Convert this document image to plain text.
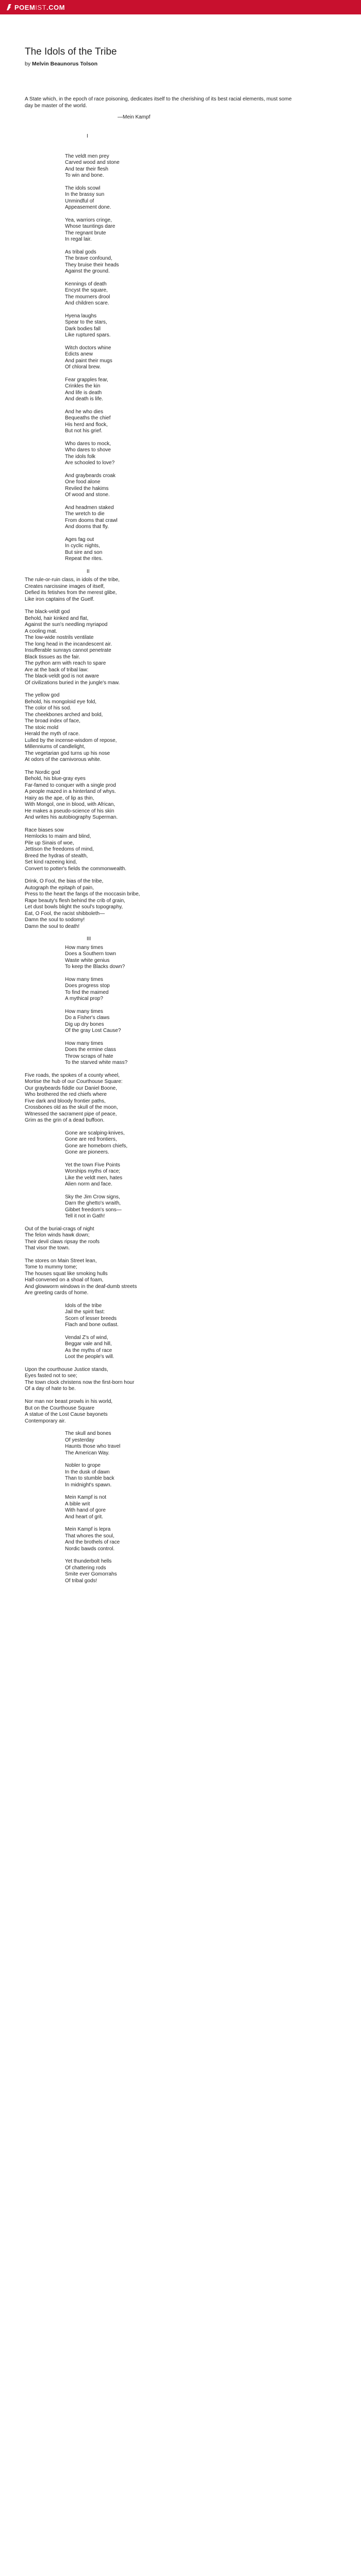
POEM IST .COM
The Idols of the Tribe
by Melvin Beaunorus Tolson
A State which, in the epoch of race poisoning, dedicates itself to the cherishing of its best racial elements, must some day be master of the world.
—Mein Kampf
I
The veldt men prey
Carved wood and stone
And tear their flesh
To win and bone.
The idols scowl
In the brassy sun
Unmindful of
Appeasement done.
Yea, warriors cringe,
Whose tauntings dare
The regnant brute
In regal lair.
As tribal gods
The brave confound,
They bruise their heads
Against the ground.
Kennings of death
Encyst the square,
The mourners drool
And children scare.
Hyena laughs
Spear to the stars,
Dark bodies fall
Like ruptured spars.
Witch doctors whine
Edicts anew
And paint their mugs
Of chloral brew.
Fear grapples fear,
Crinkles the kin
And life is death
And death is life.
And he who dies
Bequeaths the chief
His herd and flock,
But not his grief.
Who dares to mock,
Who dares to shove
The idols folk
Are schooled to love?
And graybeards croak
One food alone
Reviled the hakims
Of wood and stone.
And headmen staked
The wretch to die
From dooms that crawl
And dooms that fly.
Ages fag out
In cyclic nights,
But sire and son
Repeat the rites.
II
The rule-or-ruin class, in idols of the tribe,
Creates narcissine images of itself,
Defied its fetishes from the merest glibe,
Like iron captains of the Guelf.
The black-veldt god
Behold, hair kinked and flat,
Against the sun's needling myriapod
A cooling mat.
The low-wide nostrils ventilate
The long head in the incandescent air.
Insufferable sunrays cannot penetrate
Black tissues as the fair.
The python arm with reach to spare
Are at the back of tribal law:
The black-veldt god is not aware
Of civilizations buried in the jungle's maw.
The yellow god
Behold, his mongoloid eye fold,
The color of his sod.
The cheekbones arched and bold,
The broad index of face,
The stoic mold
Herald the myth of race.
Lulled by the incense-wisdom of repose,
Millenniums of candlelight,
The vegetarian god turns up his nose
At odors of the carnivorous white.
The Nordic god
Behold, his blue-gray eyes
Far-famed to conquer with a single prod
A people mazed in a hinterland of whys.
Hairy as the ape, of lip as thin,
With Mongol, one in blood, with African,
He makes a pseudo-science of his skin
And writes his autobiography Superman.
Race biases sow
Hemlocks to maim and blind,
Pile up Sinais of woe,
Jettison the freedoms of mind,
Breed the hydras of stealth,
Set kind razeeing kind,
Convert to potter's fields the commonwealth.
Drink, O Fool, the bias of the tribe,
Autograph the epitaph of pain,
Press to the heart the fangs of the moccasin bribe,
Rape beauty's flesh behind the crib of grain,
Let dust bowls blight the soul's topography,
Eat, O Fool, the racist shibboleth—
Damn the soul to sodomy!
Damn the soul to death!
III
How many times
Does a Southern town
Waste white genius
To keep the Blacks down?
How many times
Does progress stop
To find the maimed
A mythical prop?
How many times
Do a Fisher's claws
Dig up dry bones
Of the gray Lost Cause?
How many times
Does the ermine class
Throw scraps of hate
To the starved white mass?
Five roads, the spokes of a county wheel,
Mortise the hub of our Courthouse Square:
Our graybeards fiddle our Daniel Boone,
Who brothered the red chiefs where
Five dark and bloody frontier paths,
Crossbones old as the skull of the moon,
Witnessed the sacrament pipe of peace,
Grim as the grin of a dead buffoon.
Gone are scalping-knives,
Gone are red frontiers,
Gone are homeborn chiefs,
Gone are pioneers.
Yet the town Five Points
Worships myths of race;
Like the veldt men, hates
Alien norm and face.
Sky the Jim Crow signs,
Darn the ghetto's wraith,
Gibbet freedom's sons—
Tell it not in Gath!
Out of the burial-crags of night
The felon winds hawk down;
Their devil claws ripsay the roofs
That visor the town.
The stores on Main Street lean,
Tome to mummy tome;
The houses squat like smoking hulls
Half-convened on a shoal of foam,
And glowworm windows in the deaf-dumb streets
Are greeting cards of home.
Idols of the tribe
Jail the spirit fast:
Scorn of lesser breeds
Flach and bone outlast.
Vendal Z's of wind,
Beggar vale and hill,
As the myths of race
Loot the people's will.
Upon the courthouse Justice stands,
Eyes fasted not to see;
The town clock christens now the first-born hour
Of a day of hate to be.

Nor man nor beast prowls in his world,
But on the Courthouse Square
A statue of the Lost Cause bayonets
Contemporary air.
The skull and bones
Of yesterday
Haunts those who travel
The American Way.
Nobler to grope
In the dusk of dawn
Than to stumble back
In midnight's spawn.
Mein Kampf is not
A bible writ
With hand of gore
And heart of grit.
Mein Kampf is lepra
That whores the soul,
And the brothels of race
Nordic bawds control.
Yet thunderbolt hells
Of chattering rods
Smite ever Gomorrahs
Of tribal gods!
